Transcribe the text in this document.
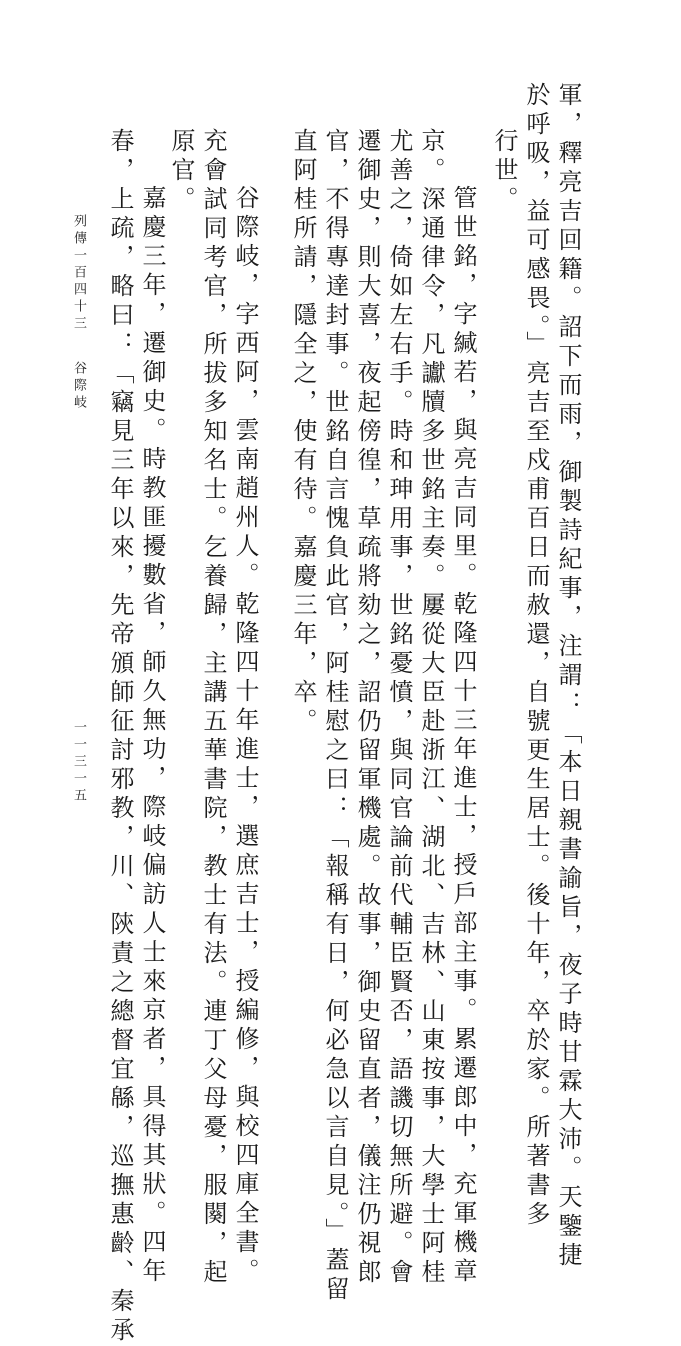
軍，釋亮吉回籍。詔下而雨，御製詩紀事，注謂：「本日親書諭旨，夜子時甘霖大沛。天鑒捷
於呼吸，益可感畏。」亮吉至戍甫百日而赦還，自號更生居士。後十年，卒於家。所著書多
行世。
管世銘，字緘若，與亮吉同里。乾隆四十三年進士，授戶部主事。累遷郎中，充軍機章
京。深通律令，凡讞牘多世銘主奏。屢從大臣赴浙江、湖北、吉林、山東按事，大學士阿桂
尤善之，倚如左右手。時和珅用事，世銘憂憤，與同官論前代輔臣賢否，語譏切無所避。會
遷御史，則大喜，夜起傍徨，草疏將劾之，詔仍留軍機處。故事，御史留直者，儀注仍視郎
官，不得專達封事。世銘自言愧負此官，阿桂慰之曰：「報稱有日，何必急以言自見。」蓋留
直阿桂所請，隱全之，使有待。嘉慶三年，卒。
谷際岐，字西阿，雲南趙州人。乾隆四十年進士，選庶吉士，授編修，與校四庫全書。
充會試同考官，所拔多知名士。乞養歸，主講五華書院，教士有法。連丁父母憂，服闋，起
原官。
嘉慶三年，遷御史。時教匪擾數省，師久無功，際岐偏訪人士來京者，具得其狀。四年
春，上疏，略曰：「竊見三年以來，先帝頒師征討邪教，川、陝責之總督宜緜，巡撫惠齡、秦承
列傳一百四十三
谷際岐
一一三一五
